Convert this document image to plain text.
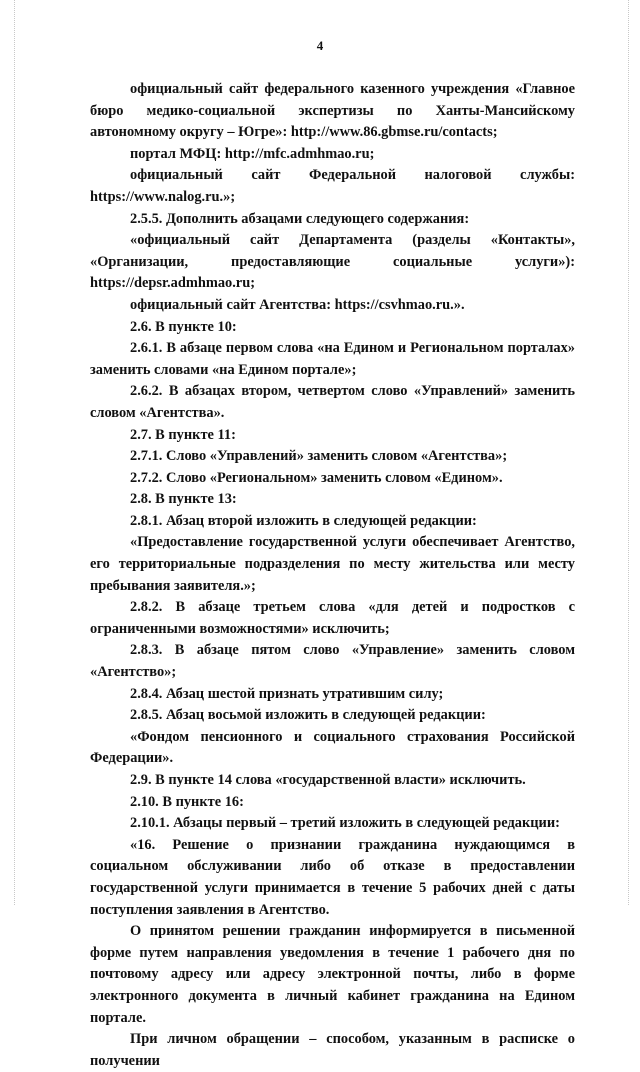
4

официальный сайт федерального казенного учреждения «Главное бюро медико-социальной экспертизы по Ханты-Мансийскому автономному округу – Югре»: http://www.86.gbmse.ru/contacts;

портал МФЦ: http://mfc.admhmao.ru;

официальный сайт Федеральной налоговой службы: https://www.nalog.ru.»;

2.5.5. Дополнить абзацами следующего содержания:

«официальный сайт Департамента (разделы «Контакты», «Организации, предоставляющие социальные услуги»): https://depsr.admhmao.ru;

официальный сайт Агентства: https://csvhmao.ru.».

2.6. В пункте 10:

2.6.1. В абзаце первом слова «на Едином и Региональном порталах» заменить словами «на Едином портале»;

2.6.2. В абзацах втором, четвертом слово «Управлений» заменить словом «Агентства».

2.7. В пункте 11:

2.7.1. Слово «Управлений» заменить словом «Агентства»;

2.7.2. Слово «Региональном» заменить словом «Едином».

2.8. В пункте 13:

2.8.1. Абзац второй изложить в следующей редакции:

«Предоставление государственной услуги обеспечивает Агентство, его территориальные подразделения по месту жительства или месту пребывания заявителя.»;

2.8.2. В абзаце третьем слова «для детей и подростков с ограниченными возможностями» исключить;

2.8.3. В абзаце пятом слово «Управление» заменить словом «Агентство»;

2.8.4. Абзац шестой признать утратившим силу;

2.8.5. Абзац восьмой изложить в следующей редакции:

«Фондом пенсионного и социального страхования Российской Федерации».

2.9. В пункте 14 слова «государственной власти» исключить.

2.10. В пункте 16:

2.10.1. Абзацы первый – третий изложить в следующей редакции:

«16. Решение о признании гражданина нуждающимся в социальном обслуживании либо об отказе в предоставлении государственной услуги принимается в течение 5 рабочих дней с даты поступления заявления в Агентство.

О принятом решении гражданин информируется в письменной форме путем направления уведомления в течение 1 рабочего дня по почтовому адресу или адресу электронной почты, либо в форме электронного документа в личный кабинет гражданина на Едином портале.

При личном обращении – способом, указанным в расписке о получении
